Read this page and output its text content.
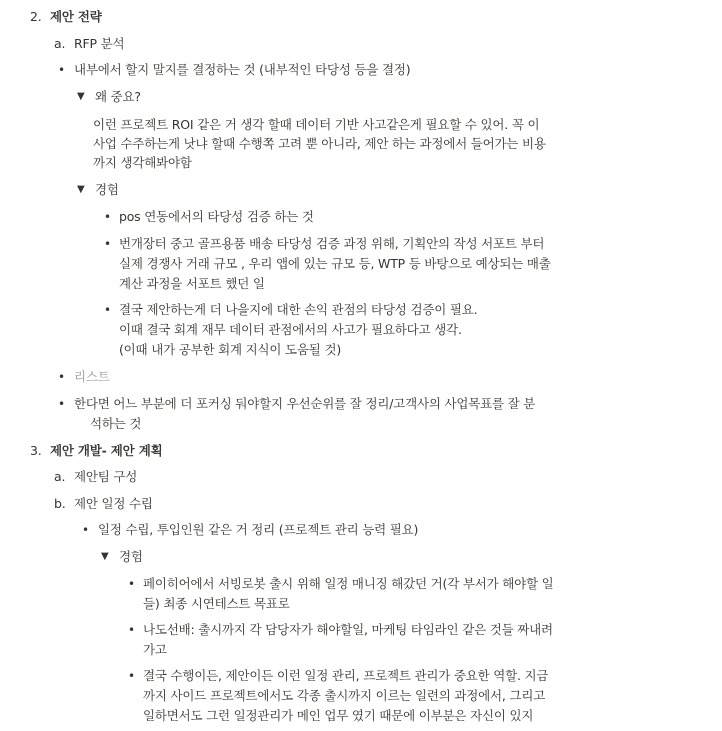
2. 제안 전략
a. RFP 분석
• 내부에서 할지 말지를 결정하는 것 (내부적인 타당성 등을 결정)
▼ 왜 중요?
이런 프로젝트 ROI 같은 거 생각 할때 데이터 기반 사고같은게 필요할 수 있어. 꼭 이
사업 수주하는게 낫냐 할때 수행쪽 고려 뿐 아니라, 제안 하는 과정에서 들어가는 비용
까지 생각해봐야함
▼ 경험
• pos 연동에서의 타당성 검증 하는 것
• 번개장터 중고 골프용품 배송 타당성 검증 과정 위해, 기획안의 작성 서포트 부터
실제 경쟁사 거래 규모 , 우리 앱에 있는 규모 등, WTP 등 바탕으로 예상되는 매출
계산 과정을 서포트 했던 일
• 결국 제안하는게 더 나을지에 대한 손익 관점의 타당성 검증이 필요.
이때 결국 회계 재무 데이터 관점에서의 사고가 필요하다고 생각.
(이때 내가 공부한 회계 지식이 도움될 것)
• 리스트
• 한다면 어느 부분에 더 포커싱 둬야할지 우선순위를 잘 정리/고객사의 사업목표를 잘 분
석하는 것
3. 제안 개발- 제안 계획
a. 제안팀 구성
b. 제안 일정 수립
• 일정 수립, 투입인원 같은 거 정리 (프로젝트 관리 능력 필요)
▼ 경험
• 페이히어에서 서빙로봇 출시 위해 일정 매니징 해갔던 거(각 부서가 해야할 일
들) 최종 시연테스트 목표로
• 나도선배: 출시까지 각 담당자가 해야할일, 마케팅 타임라인 같은 것들 짜내려
가고
• 결국 수행이든, 제안이든 이런 일정 관리, 프로젝트 관리가 중요한 역할. 지금
까지 사이드 프로젝트에서도 각종 출시까지 이르는 일련의 과정에서, 그리고
일하면서도 그런 일정관리가 메인 업무 였기 때문에 이부분은 자신이 있지
